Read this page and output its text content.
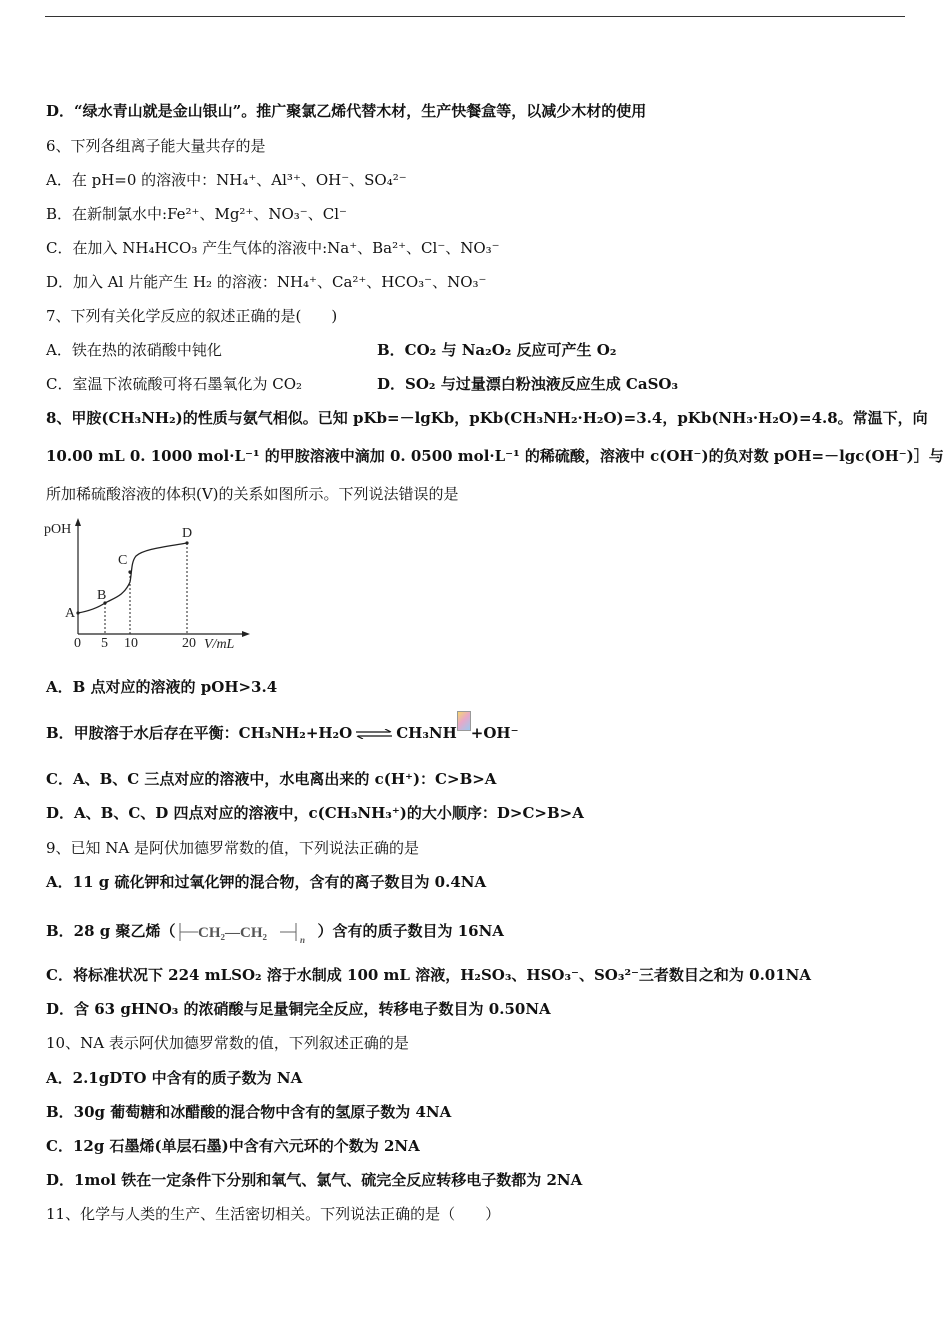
D．“绿水青山就是金山银山”。推广聚氯乙烯代替木材，生产快餐盒等，以减少木材的使用
6、下列各组离子能大量共存的是
A．在 pH=0 的溶液中：NH₄⁺、Al³⁺、OH⁻、SO₄²⁻
B．在新制氯水中:Fe²⁺、Mg²⁺、NO₃⁻、Cl⁻
C．在加入 NH₄HCO₃ 产生气体的溶液中:Na⁺、Ba²⁺、Cl⁻、NO₃⁻
D．加入 Al 片能产生 H₂ 的溶液：NH₄⁺、Ca²⁺、HCO₃⁻、NO₃⁻
7、下列有关化学反应的叙述正确的是(　　)
A．铁在热的浓硝酸中钝化	B．CO₂ 与 Na₂O₂ 反应可产生 O₂
C．室温下浓硫酸可将石墨氧化为 CO₂	D．SO₂ 与过量漂白粉浊液反应生成 CaSO₃
8、甲胺(CH₃NH₂)的性质与氨气相似。已知 pKb=－lgKb，pKb(CH₃NH₂·H₂O)=3.4，pKb(NH₃·H₂O)=4.8。常温下，向
10.00 mL 0. 1000 mol·L⁻¹ 的甲胺溶液中滴加 0. 0500 mol·L⁻¹ 的稀硫酸，溶液中 c(OH⁻)的负对数 pOH=－lgc(OH⁻)］与
所加稀硫酸溶液的体积(V)的关系如图所示。下列说法错误的是
pOH
V/mL
0 5 10	20
A
B
C
D
A．B 点对应的溶液的 pOH>3.4
B．甲胺溶于水后存在平衡：CH₃NH₂+H₂O ⇌ CH₃NH +OH⁻
C．A、B、C 三点对应的溶液中，水电离出来的 c(H⁺)：C>B>A
D．A、B、C、D 四点对应的溶液中，c(CH₃NH₃⁺)的大小顺序：D>C>B>A
9、已知 NA 是阿伏加德罗常数的值，下列说法正确的是
A．11 g 硫化钾和过氧化钾的混合物，含有的离子数目为 0.4NA
B．28 g 聚乙烯（ CH₂—CH₂	n ）含有的质子数目为 16NA
C．将标准状况下 224 mLSO₂ 溶于水制成 100 mL 溶液，H₂SO₃、HSO₃⁻、SO₃²⁻三者数目之和为 0.01NA
D．含 63 gHNO₃ 的浓硝酸与足量铜完全反应，转移电子数目为 0.50NA
10、NA 表示阿伏加德罗常数的值，下列叙述正确的是
A．2.1gDTO 中含有的质子数为 NA
B．30g 葡萄糖和冰醋酸的混合物中含有的氢原子数为 4NA
C．12g 石墨烯(单层石墨)中含有六元环的个数为 2NA
D．1mol 铁在一定条件下分别和氧气、氯气、硫完全反应转移电子数都为 2NA
11、化学与人类的生产、生活密切相关。下列说法正确的是（　　）
